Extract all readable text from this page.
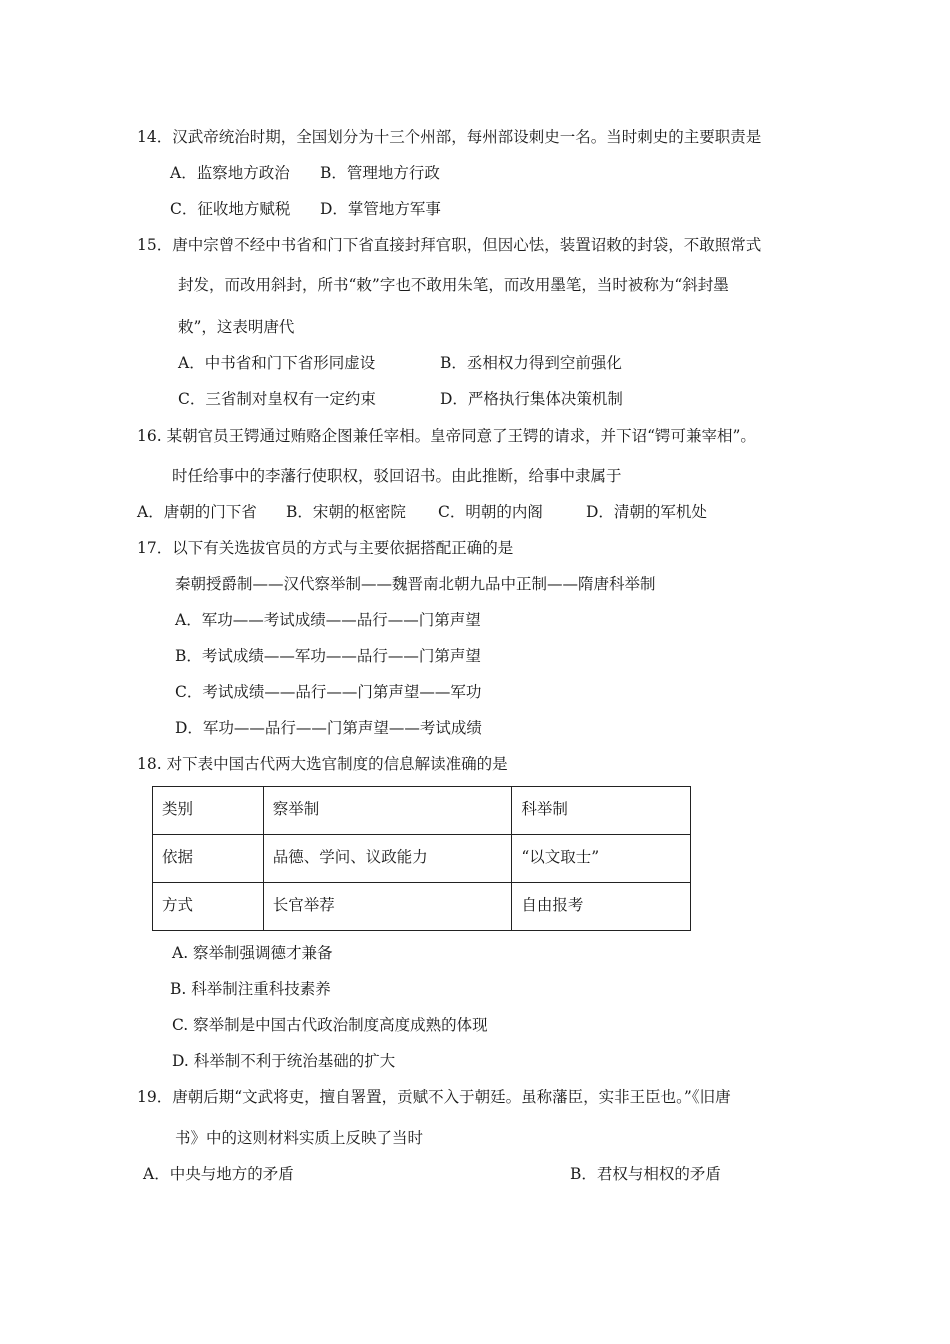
14．汉武帝统治时期，全国划分为十三个州部，每州部设刺史一名。当时刺史的主要职责是
A．监察地方政治 B．管理地方行政
C．征收地方赋税 D．掌管地方军事
15．唐中宗曾不经中书省和门下省直接封拜官职，但因心怯，装置诏敕的封袋，不敢照常式
封发，而改用斜封，所书“敕”字也不敢用朱笔，而改用墨笔，当时被称为“斜封墨
敕”，这表明唐代
A．中书省和门下省形同虚设	B．丞相权力得到空前强化
C．三省制对皇权有一定约束	D．严格执行集体决策机制
16. 某朝官员王锷通过贿赂企图兼任宰相。皇帝同意了王锷的请求，并下诏“锷可兼宰相”。
时任给事中的李藩行使职权，驳回诏书。由此推断，给事中隶属于
A．唐朝的门下省 B．宋朝的枢密院 C．明朝的内阁	D．清朝的军机处
17．以下有关选拔官员的方式与主要依据搭配正确的是
秦朝授爵制——汉代察举制——魏晋南北朝九品中正制——隋唐科举制
A．军功——考试成绩——品行——门第声望
B．考试成绩——军功——品行——门第声望
C．考试成绩——品行——门第声望——军功
D．军功——品行——门第声望——考试成绩
18. 对下表中国古代两大选官制度的信息解读准确的是
类别	察举制	科举制
依据	品德、学问、议政能力	“以文取士”
方式	长官举荐	自由报考
A. 察举制强调德才兼备
B. 科举制注重科技素养
C. 察举制是中国古代政治制度高度成熟的体现
D. 科举制不利于统治基础的扩大
19．唐朝后期“文武将吏，擅自署置，贡赋不入于朝廷。虽称藩臣，实非王臣也。”《旧唐
书》中的这则材料实质上反映了当时
A．中央与地方的矛盾	B．君权与相权的矛盾
